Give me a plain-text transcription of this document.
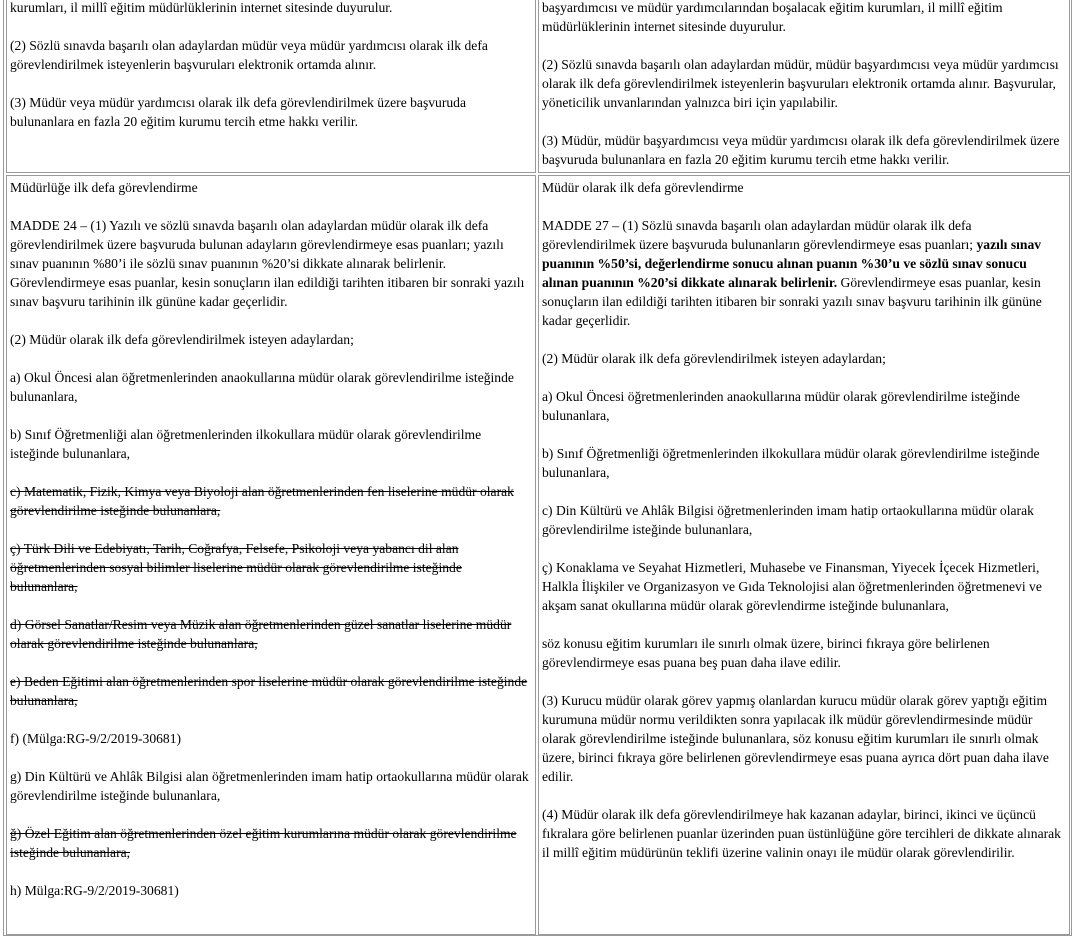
kurumları, il millî eğitim müdürlüklerinin internet sitesinde duyurulur.

(2) Sözlü sınavda başarılı olan adaylardan müdür veya müdür yardımcısı olarak ilk defa görevlendirilmek isteyenlerin başvuruları elektronik ortamda alınır.

(3) Müdür veya müdür yardımcısı olarak ilk defa görevlendirilmek üzere başvuruda bulunanlara en fazla 20 eğitim kurumu tercih etme hakkı verilir.

başyardımcısı ve müdür yardımcılarından boşalacak eğitim kurumları, il millî eğitim müdürlüklerinin internet sitesinde duyurulur.

(2) Sözlü sınavda başarılı olan adaylardan müdür, müdür başyardımcısı veya müdür yardımcısı olarak ilk defa görevlendirilmek isteyenlerin başvuruları elektronik ortamda alınır. Başvurular, yöneticilik unvanlarından yalnızca biri için yapılabilir.

(3) Müdür, müdür başyardımcısı veya müdür yardımcısı olarak ilk defa görevlendirilmek üzere başvuruda bulunanlara en fazla 20 eğitim kurumu tercih etme hakkı verilir.

Müdürlüğe ilk defa görevlendirme

MADDE 24 – (1) Yazılı ve sözlü sınavda başarılı olan adaylardan müdür olarak ilk defa görevlendirilmek üzere başvuruda bulunan adayların görevlendirmeye esas puanları; yazılı sınav puanının %80’i ile sözlü sınav puanının %20’si dikkate alınarak belirlenir. Görevlendirmeye esas puanlar, kesin sonuçların ilan edildiği tarihten itibaren bir sonraki yazılı sınav başvuru tarihinin ilk gününe kadar geçerlidir.

(2) Müdür olarak ilk defa görevlendirilmek isteyen adaylardan;

a) Okul Öncesi alan öğretmenlerinden anaokullarına müdür olarak görevlendirilme isteğinde bulunanlara,

b) Sınıf Öğretmenliği alan öğretmenlerinden ilkokullara müdür olarak görevlendirilme isteğinde bulunanlara,

c) Matematik, Fizik, Kimya veya Biyoloji alan öğretmenlerinden fen liselerine müdür olarak görevlendirilme isteğinde bulunanlara,

ç) Türk Dili ve Edebiyatı, Tarih, Coğrafya, Felsefe, Psikoloji veya yabancı dil alan öğretmenlerinden sosyal bilimler liselerine müdür olarak görevlendirilme isteğinde bulunanlara,

d) Görsel Sanatlar/Resim veya Müzik alan öğretmenlerinden güzel sanatlar liselerine müdür olarak görevlendirilme isteğinde bulunanlara,

e) Beden Eğitimi alan öğretmenlerinden spor liselerine müdür olarak görevlendirilme isteğinde bulunanlara,

f) (Mülga:RG-9/2/2019-30681)

g) Din Kültürü ve Ahlâk Bilgisi alan öğretmenlerinden imam hatip ortaokullarına müdür olarak görevlendirilme isteğinde bulunanlara,

ğ) Özel Eğitim alan öğretmenlerinden özel eğitim kurumlarına müdür olarak görevlendirilme isteğinde bulunanlara,

h) Mülga:RG-9/2/2019-30681)

Müdür olarak ilk defa görevlendirme

MADDE 27 – (1) Sözlü sınavda başarılı olan adaylardan müdür olarak ilk defa görevlendirilmek üzere başvuruda bulunanların görevlendirmeye esas puanları; yazılı sınav puanının %50’si, değerlendirme sonucu alınan puanın %30’u ve sözlü sınav sonucu alınan puanının %20’si dikkate alınarak belirlenir. Görevlendirmeye esas puanlar, kesin sonuçların ilan edildiği tarihten itibaren bir sonraki yazılı sınav başvuru tarihinin ilk gününe kadar geçerlidir.

(2) Müdür olarak ilk defa görevlendirilmek isteyen adaylardan;

a) Okul Öncesi öğretmenlerinden anaokullarına müdür olarak görevlendirilme isteğinde bulunanlara,

b) Sınıf Öğretmenliği öğretmenlerinden ilkokullara müdür olarak görevlendirilme isteğinde bulunanlara,

c) Din Kültürü ve Ahlâk Bilgisi öğretmenlerinden imam hatip ortaokullarına müdür olarak görevlendirilme isteğinde bulunanlara,

ç) Konaklama ve Seyahat Hizmetleri, Muhasebe ve Finansman, Yiyecek İçecek Hizmetleri, Halkla İlişkiler ve Organizasyon ve Gıda Teknolojisi alan öğretmenlerinden öğretmenevi ve akşam sanat okullarına müdür olarak görevlendirme isteğinde bulunanlara,

söz konusu eğitim kurumları ile sınırlı olmak üzere, birinci fıkraya göre belirlenen görevlendirmeye esas puana beş puan daha ilave edilir.

(3) Kurucu müdür olarak görev yapmış olanlardan kurucu müdür olarak görev yaptığı eğitim kurumuna müdür normu verildikten sonra yapılacak ilk müdür görevlendirmesinde müdür olarak görevlendirilme isteğinde bulunanlara, söz konusu eğitim kurumları ile sınırlı olmak üzere, birinci fıkraya göre belirlenen görevlendirmeye esas puana ayrıca dört puan daha ilave edilir.

(4) Müdür olarak ilk defa görevlendirilmeye hak kazanan adaylar, birinci, ikinci ve üçüncü fıkralara göre belirlenen puanlar üzerinden puan üstünlüğüne göre tercihleri de dikkate alınarak il millî eğitim müdürünün teklifi üzerine valinin onayı ile müdür olarak görevlendirilir.
